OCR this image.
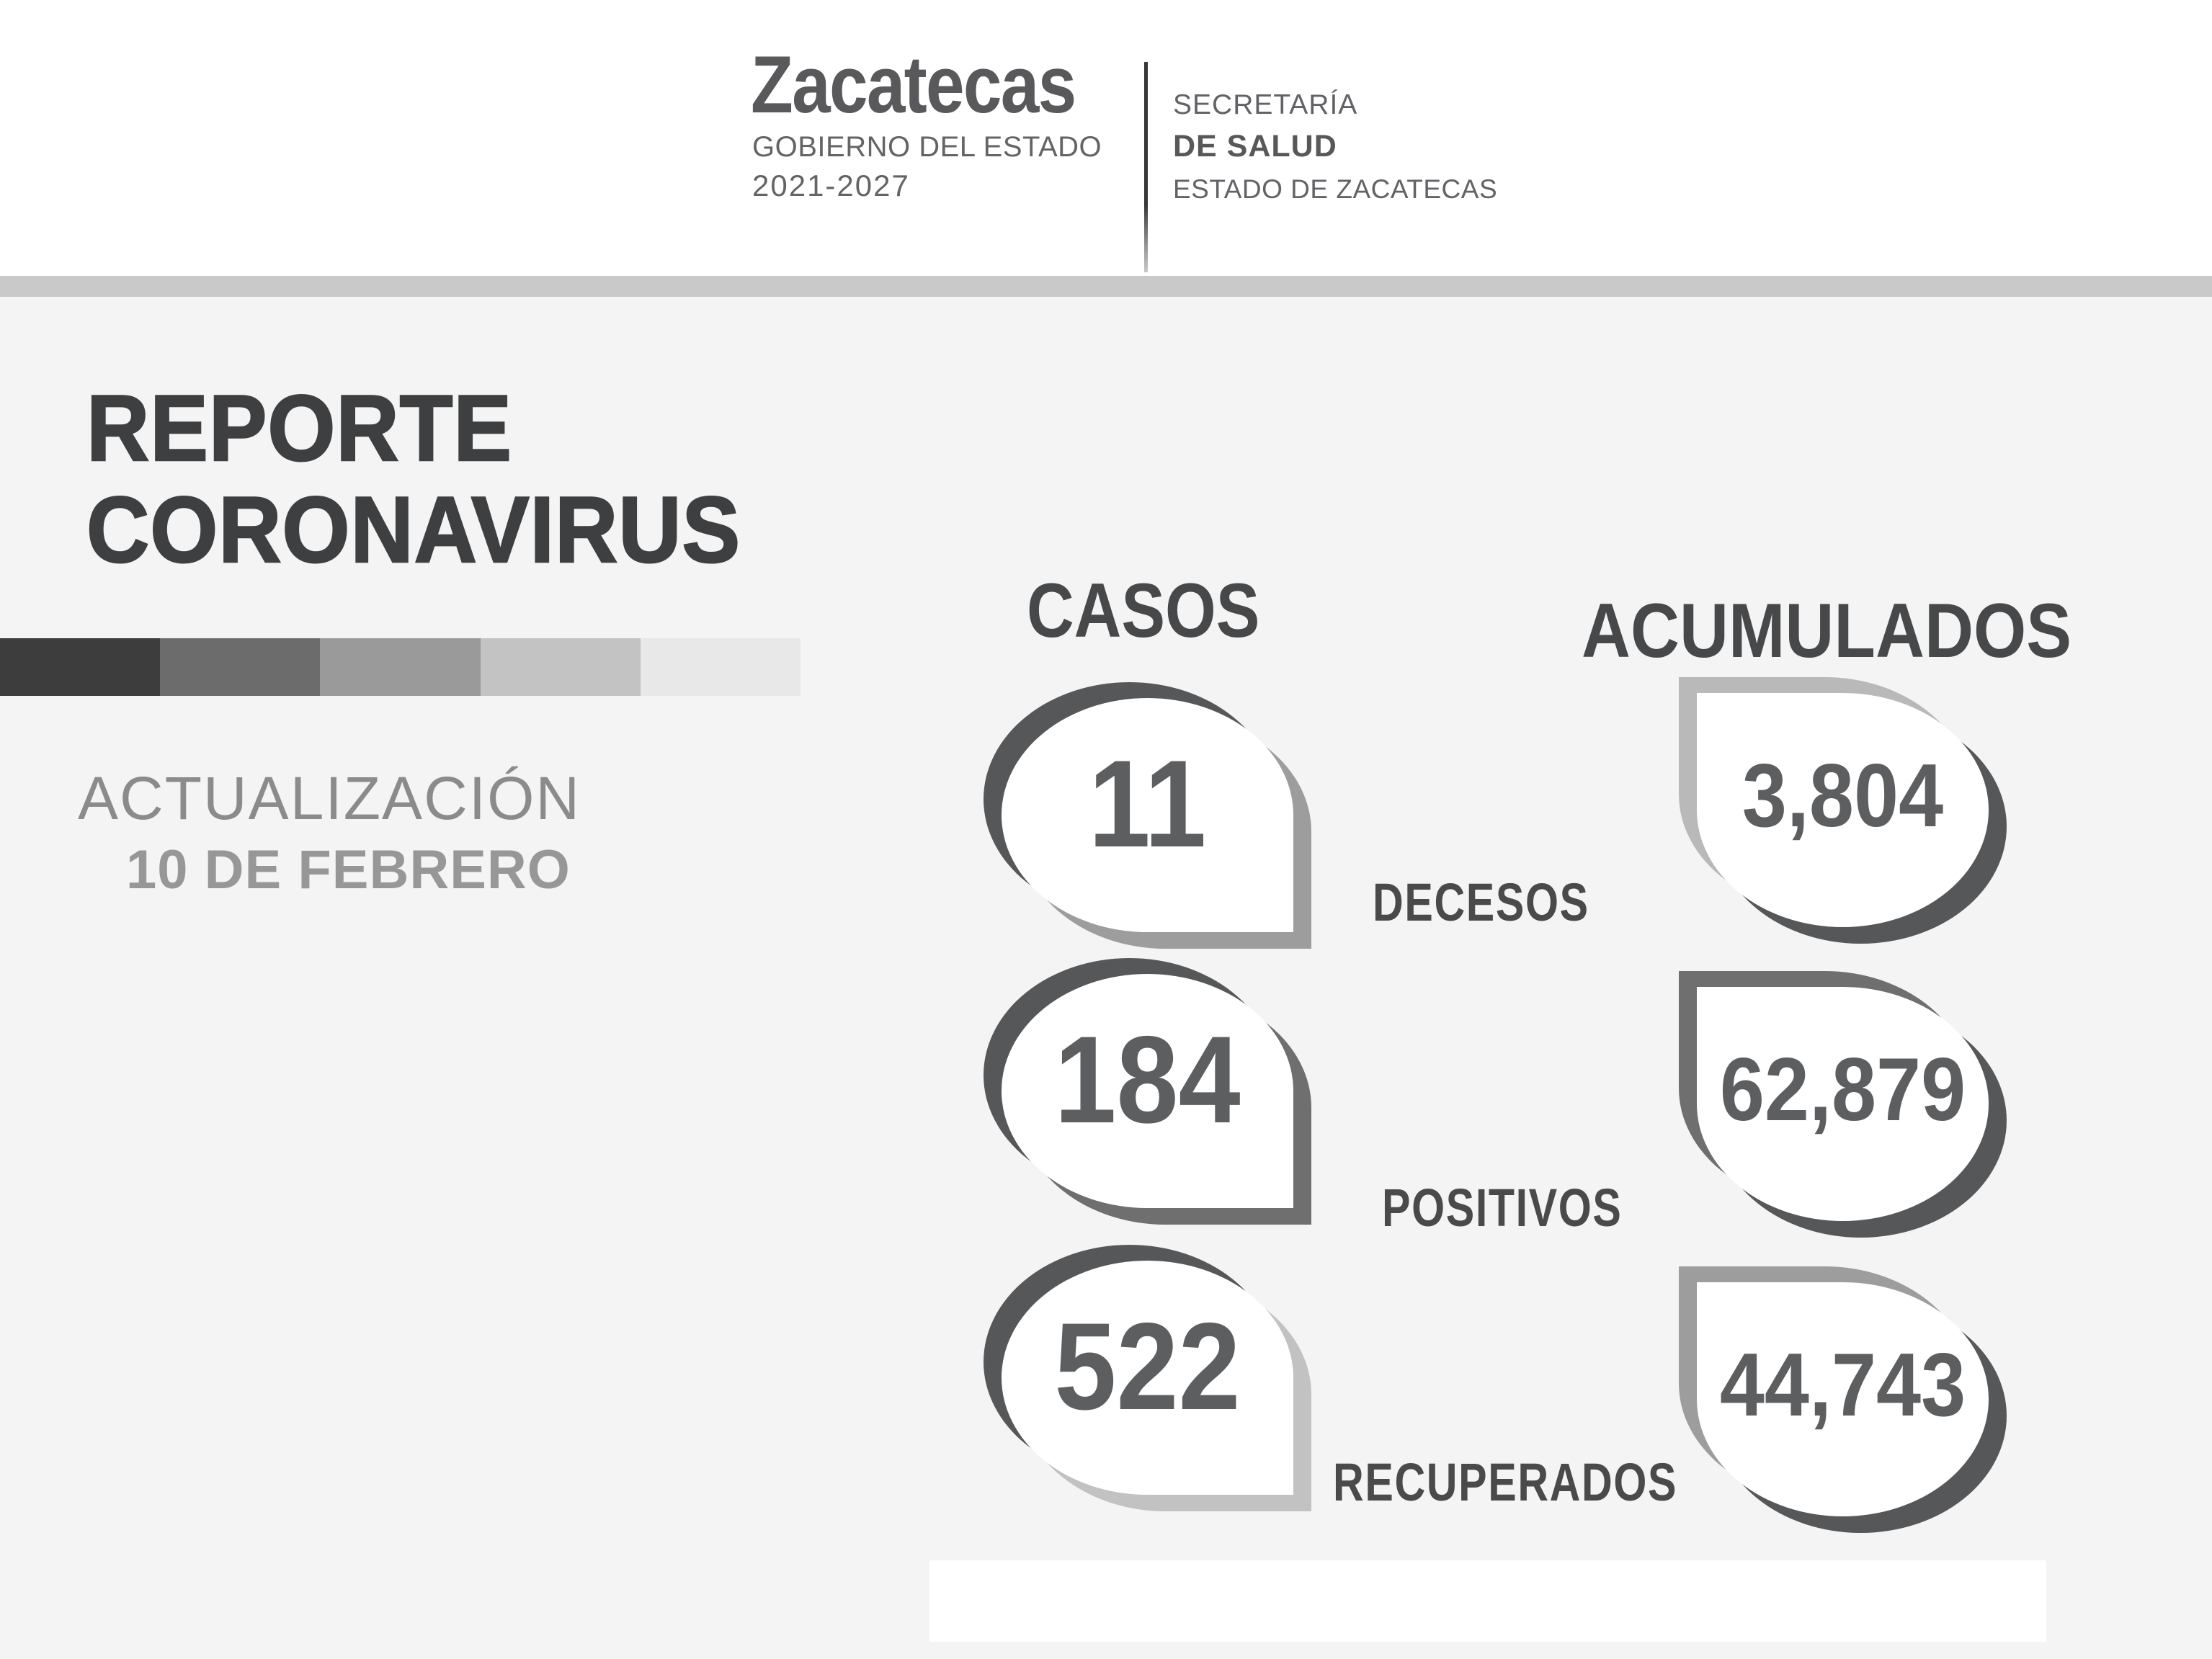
Zacatecas
GOBIERNO DEL ESTADO
2021-2027
SECRETARÍA
DE SALUD
ESTADO DE ZACATECAS
REPORTE
CORONAVIRUS
ACTUALIZACIÓN
10 DE FEBRERO
CASOS	ACUMULADOS
11
DECESOS
3,804
184
POSITIVOS
62,879
522
RECUPERADOS
44,743
